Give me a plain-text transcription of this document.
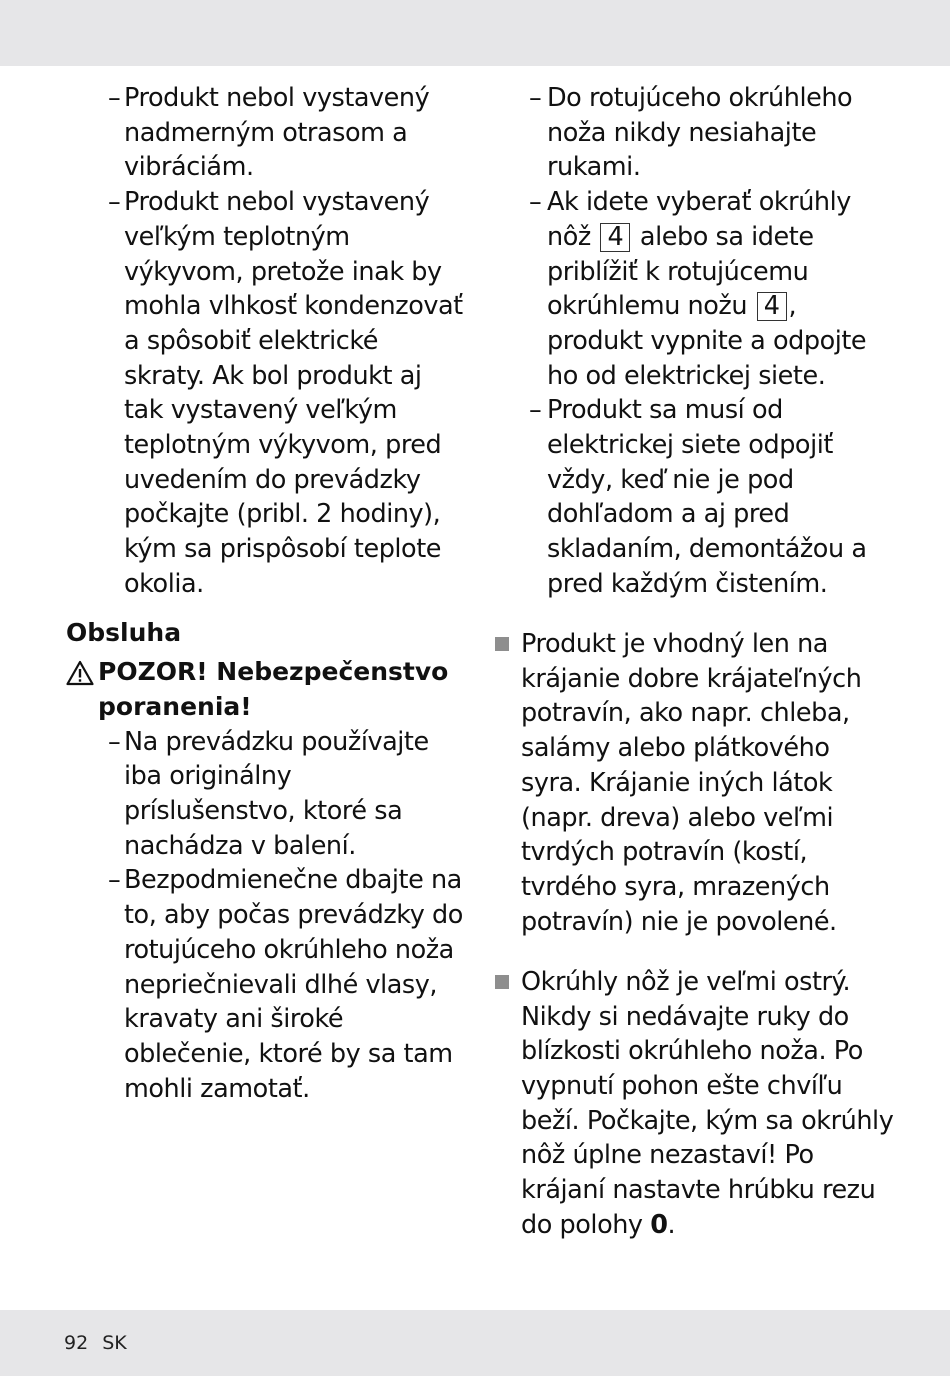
– Produkt nebol vystavený nadmerným otrasom a vibráciám.

– Produkt nebol vystavený veľkým teplotným výkyvom, pretože inak by mohla vlhkosť kondenzovať a spôsobiť elektrické skraty. Ak bol produkt aj tak vystavený veľkým teplotným výkyvom, pred uvedením do prevádzky počkajte (pribl. 2 hodiny), kým sa prispôsobí teplote okolia.

Obsluha
POZOR! Nebezpečenstvo poranenia!

– Na prevádzku používajte iba originálny príslušenstvo, ktoré sa nachádza v balení.

– Bezpodmienečne dbajte na to, aby počas prevádzky do rotujúceho okrúhleho noža nepriečnievali dlhé vlasy, kravaty ani široké oblečenie, ktoré by sa tam mohli zamotať.

– Do rotujúceho okrúhleho noža nikdy nesiahajte rukami.

– Ak idete vyberať okrúhly nôž 4 alebo sa idete priblížiť k rotujúcemu okrúhlemu nožu 4 , produkt vypnite a odpojte ho od elektrickej siete.

– Produkt sa musí od elektrickej siete odpojiť vždy, keď nie je pod dohľadom a aj pred skladaním, demontážou a pred každým čistením.

Produkt je vhodný len na krájanie dobre krájateľných potravín, ako napr. chleba, salámy alebo plátkového syra. Krájanie iných látok (napr. dreva) alebo veľmi tvrdých potravín (kostí, tvrdého syra, mrazených potravín) nie je povolené.

Okrúhly nôž je veľmi ostrý. Nikdy si nedávajte ruky do blízkosti okrúhleho noža. Po vypnutí pohon ešte chvíľu beží. Počkajte, kým sa okrúhly nôž úplne nezastaví! Po krájaní nastavte hrúbku rezu do polohy 0.

92 SK
